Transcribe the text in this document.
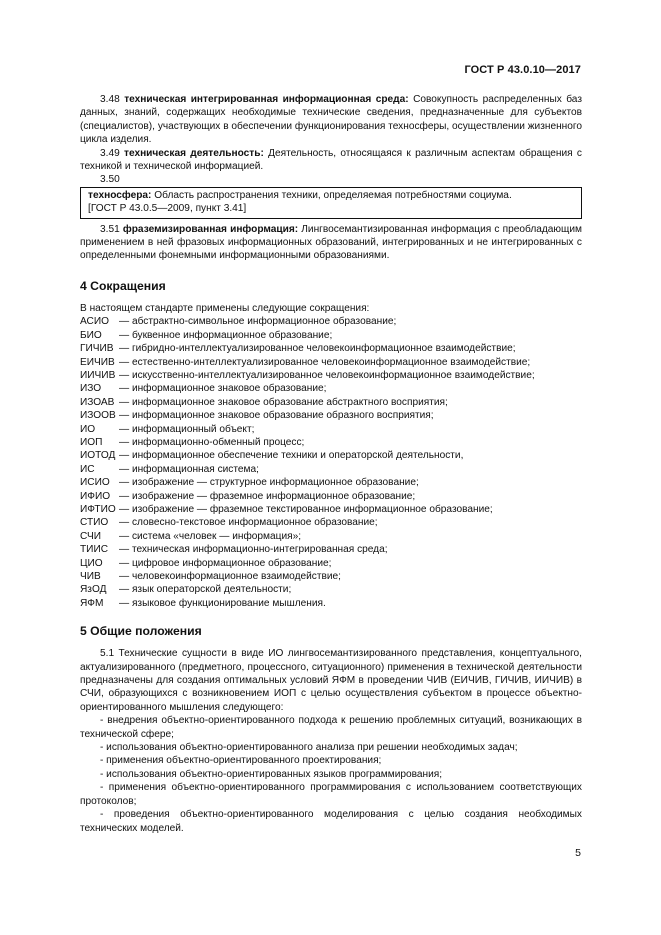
ГОСТ Р 43.0.10—2017

3.48 техническая интегрированная информационная среда: Совокупность распределенных баз данных, знаний, содержащих необходимые технические сведения, предназначенные для субъектов (специалистов), участвующих в обеспечении функционирования техносферы, осуществлении жизненного цикла изделия.

3.49 техническая деятельность: Деятельность, относящаяся к различным аспектам обращения с техникой и технической информацией.

3.50

техносфера: Область распространения техники, определяемая потребностями социума.

[ГОСТ Р 43.0.5—2009, пункт 3.41]

3.51 фраземизированная информация: Лингвосемантизированная информация с преобладающим применением в ней фразовых информационных образований, интегрированных и не интегрированных с определенными фонемными информационными образованиями.

4 Сокращения

В настоящем стандарте применены следующие сокращения:

АСИО — абстрактно-символьное информационное образование;
БИО	— буквенное информационное образование;
ГИЧИВ — гибридно-интеллектуализированное человекоинформационное взаимодействие;
ЕИЧИВ — естественно-интеллектуализированное человекоинформационное взаимодействие;
ИИЧИВ — искусственно-интеллектуализированное человекоинформационное взаимодействие;
ИЗО	— информационное знаковое образование;
ИЗОАВ — информационное знаковое образование абстрактного восприятия;
ИЗООВ — информационное знаковое образование образного восприятия;
ИО	— информационный объект;
ИОП	— информационно-обменный процесс;
ИОТОД — информационное обеспечение техники и операторской деятельности,
ИС	— информационная система;
ИСИО — изображение — структурное информационное образование;
ИФИО — изображение — фраземное информационное образование;
ИФТИО — изображение — фраземное текстированное информационное образование;
СТИО	— словесно-текстовое информационное образование;
СЧИ	— система «человек — информация»;
ТИИС	— техническая информационно-интегрированная среда;
ЦИО	— цифровое информационное образование;
ЧИВ	— человекоинформационное взаимодействие;
ЯзОД	— язык операторской деятельности;
ЯФМ	— языковое функционирование мышления.
5 Общие положения

5.1 Технические сущности в виде ИО лингвосемантизированного представления, концептуального, актуализированного (предметного, процессного, ситуационного) применения в технической деятельности предназначены для создания оптимальных условий ЯФМ в проведении ЧИВ (ЕИЧИВ, ГИЧИВ, ИИЧИВ) в СЧИ, образующихся с возникновением ИОП с целью осуществления субъектом в процессе объектно-ориентированного мышления следующего:

- внедрения объектно-ориентированного подхода к решению проблемных ситуаций, возникающих в технической сфере;

- использования объектно-ориентированного анализа при решении необходимых задач;

- применения объектно-ориентированного проектирования;

- использования объектно-ориентированных языков программирования;

- применения объектно-ориентированного программирования с использованием соответствующих протоколов;

- проведения объектно-ориентированного моделирования с целью создания необходимых технических моделей.

5
